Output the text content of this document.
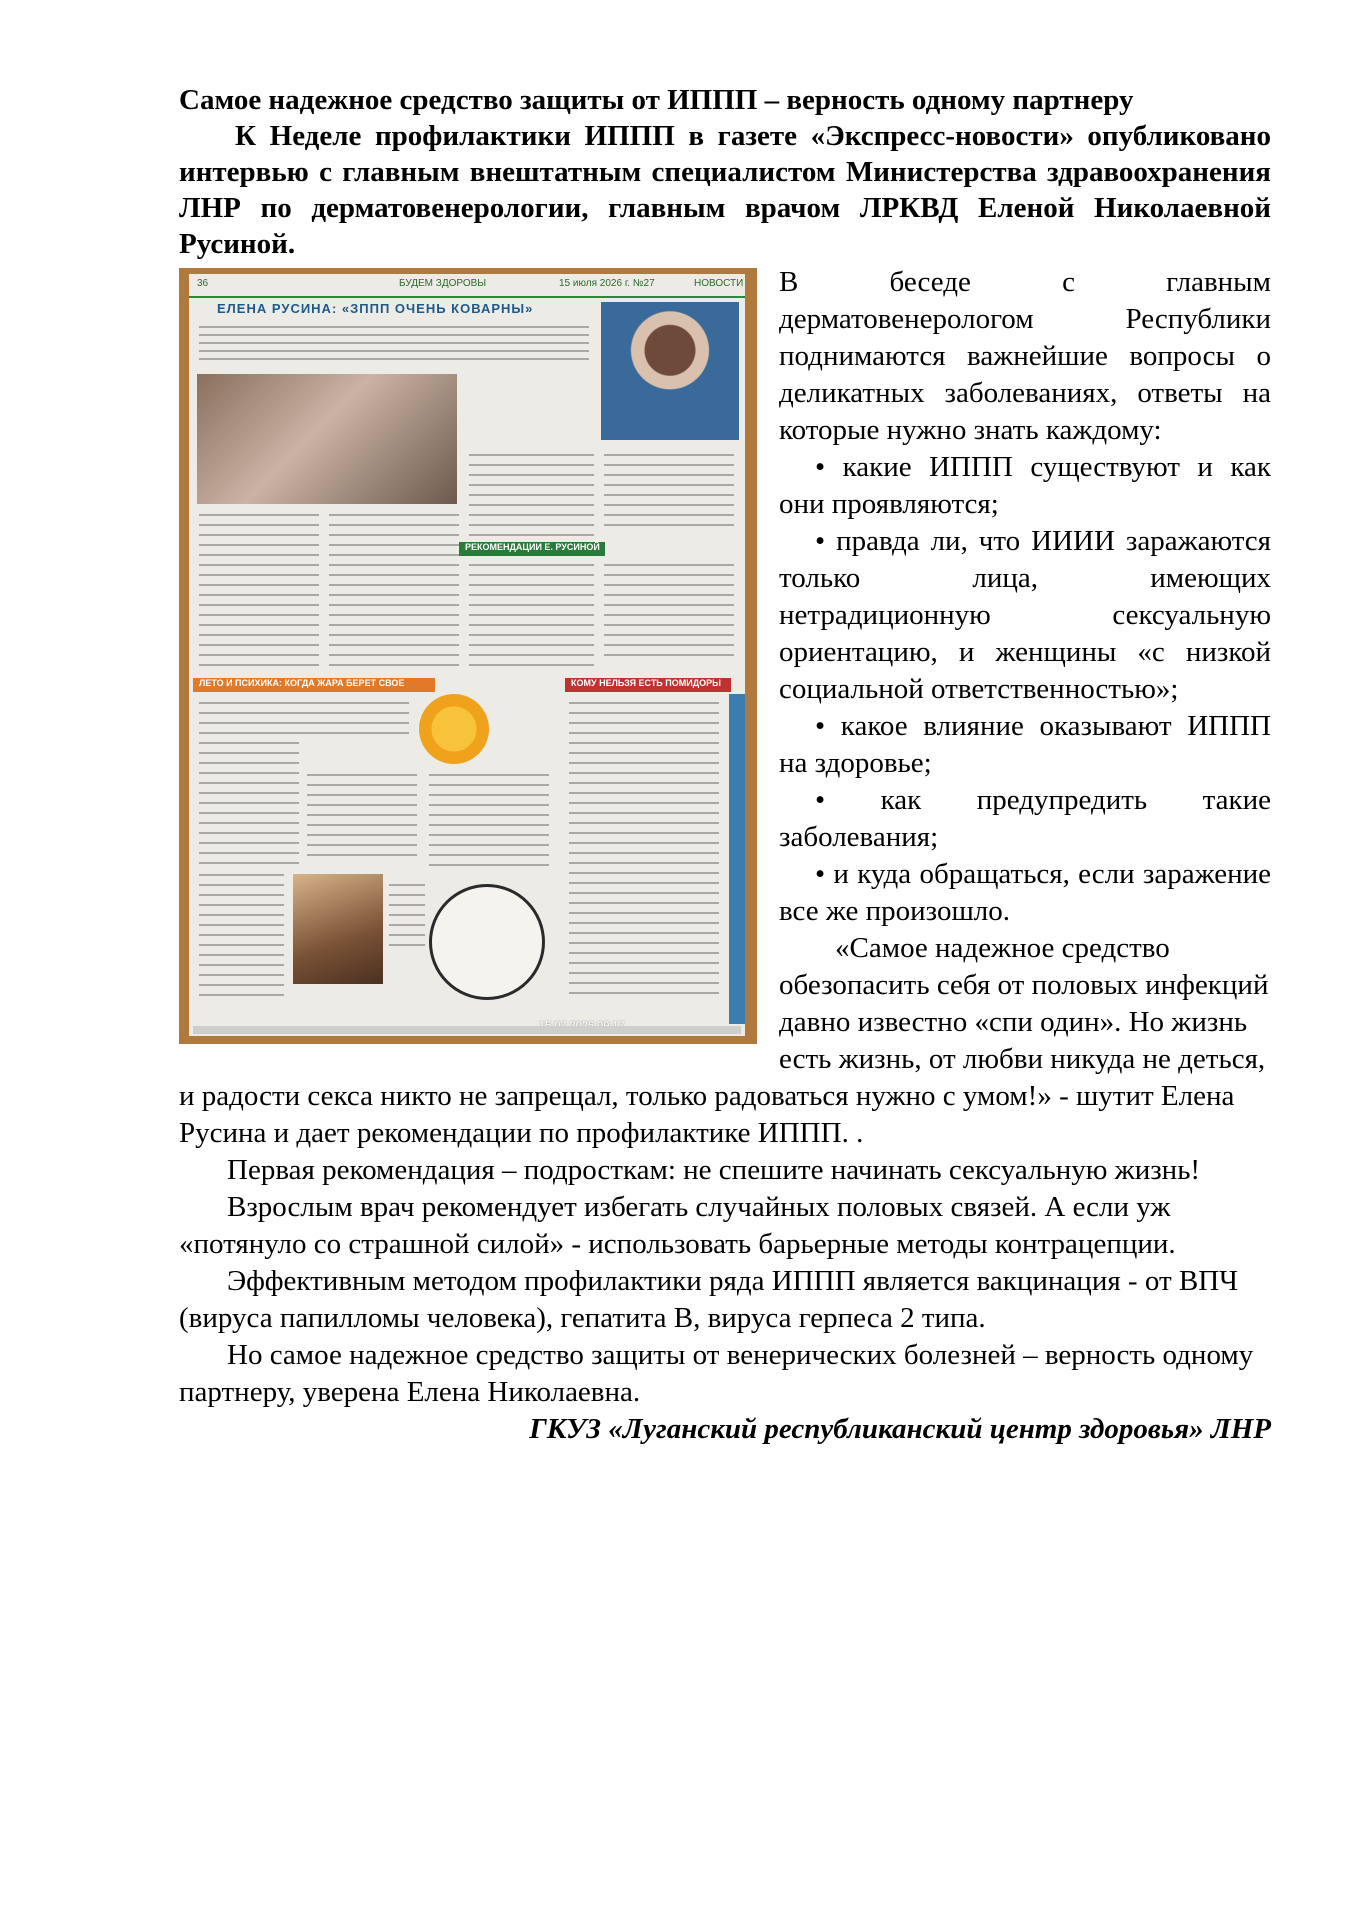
Самое надежное средство защиты от ИППП – верность одному партнеру

К Неделе профилактики ИППП в газете «Экспресс-новости» опубликовано интервью с главным внештатным специалистом Министерства здравоохранения ЛНР по дерматовенерологии, главным врачом ЛРКВД Еленой Николаевной Русиной.

36	БУДЕМ ЗДОРОВЫ	15 июля 2026 г. №27	НОВОСТИ
ЕЛЕНА РУСИНА: «ЗППП ОЧЕНЬ КОВАРНЫ»
РЕКОМЕНДАЦИИ Е. РУСИНОЙ
ЛЕТО И ПСИХИКА: КОГДА ЖАРА БЕРЕТ СВОЕ	КОМУ НЕЛЬЗЯ ЕСТЬ ПОМИДОРЫ

В беседе с главным дерматовенерологом Республики поднимаются важнейшие вопросы о деликатных заболеваниях, ответы на которые нужно знать каждому:

• какие ИППП существуют и как они проявляются;

• правда ли, что ИИИИ заражаются только лица, имеющих нетрадиционную сексуальную ориентацию, и женщины «с низкой социальной ответственностью»;

• какое влияние оказывают ИППП на здоровье;

• как предупредить такие заболевания;

• и куда обращаться, если заражение все же произошло.

«Самое надежное средство обезопасить себя от половых инфекций давно известно «спи один». Но жизнь есть жизнь, от любви никуда не деться, и радости секса никто не запрещал, только радоваться нужно с умом!» - шутит Елена Русина и дает рекомендации по профилактике ИППП. .

Первая рекомендация – подросткам: не спешите начинать сексуальную жизнь!

Взрослым врач рекомендует избегать случайных половых связей. А если уж «потянуло со страшной силой» - использовать барьерные методы контрацепции.

Эффективным методом профилактики ряда ИППП является вакцинация - от ВПЧ (вируса папилломы человека), гепатита В, вируса герпеса 2 типа.

Но самое надежное средство защиты от венерических болезней – верность одному партнеру, уверена Елена Николаевна.

ГКУЗ «Луганский республиканский центр здоровья» ЛНР
